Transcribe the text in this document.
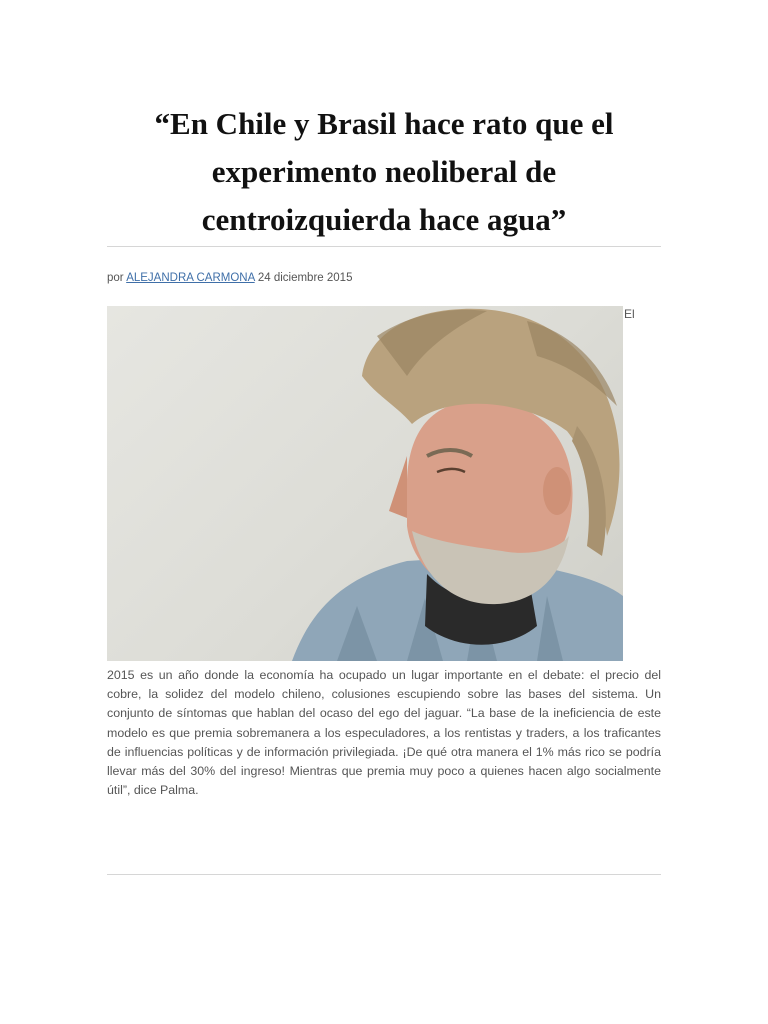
“En Chile y Brasil hace rato que el experimento neoliberal de centroizquierda hace agua”
por ALEJANDRA CARMONA 24 diciembre 2015
El

2015 es un año donde la economía ha ocupado un lugar importante en el debate: el precio del cobre, la solidez del modelo chileno, colusiones escupiendo sobre las bases del sistema. Un conjunto de síntomas que hablan del ocaso del ego del jaguar. “La base de la ineficiencia de este modelo es que premia sobremanera a los especuladores, a los rentistas y traders, a los traficantes de influencias políticas y de información privilegiada. ¡De qué otra manera el 1% más rico se podría llevar más del 30% del ingreso! Mientras que premia muy poco a quienes hacen algo socialmente útil”, dice Palma.
